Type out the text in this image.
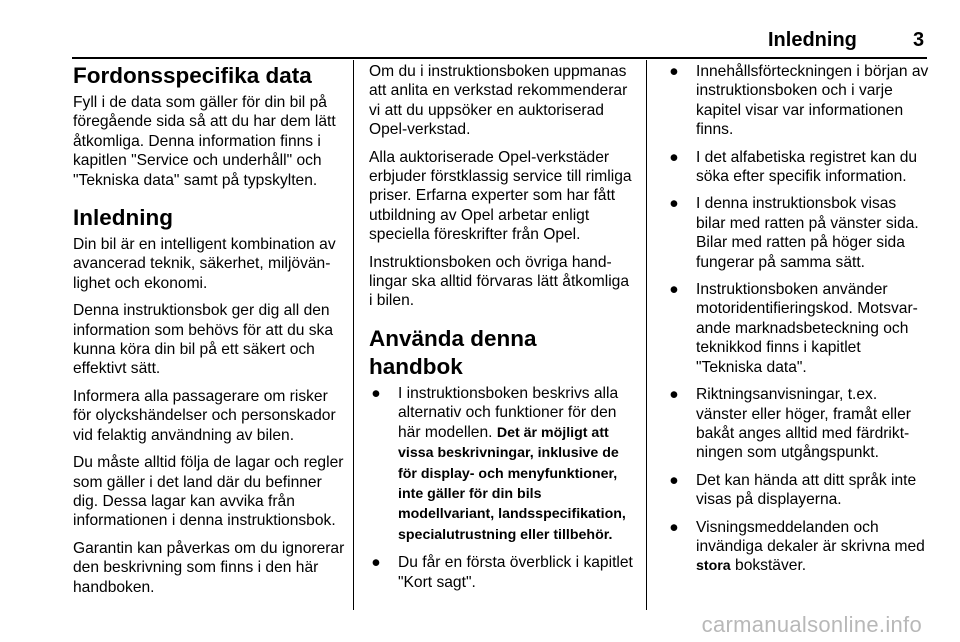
Inledning	3
Fordonsspecifika data

Fyll i de data som gäller för din bil på föregående sida så att du har dem lätt åtkomliga. Denna information finns i kapitlen "Service och underhåll" och "Tekniska data" samt på typskylten.

Inledning

Din bil är en intelligent kombination av avancerad teknik, säkerhet, miljövänlighet och ekonomi.

Denna instruktionsbok ger dig all den information som behövs för att du ska kunna köra din bil på ett säkert och effektivt sätt.

Informera alla passagerare om risker för olyckshändelser och personskador vid felaktig användning av bilen.

Du måste alltid följa de lagar och regler som gäller i det land där du befinner dig. Dessa lagar kan avvika från informationen i denna instruktionsbok.

Garantin kan påverkas om du ignorerar den beskrivning som finns i den här handboken.

Om du i instruktionsboken uppmanas att anlita en verkstad rekommenderar vi att du uppsöker en auktoriserad Opel-verkstad.

Alla auktoriserade Opel-verkstäder erbjuder förstklassig service till rimliga priser. Erfarna experter som har fått utbildning av Opel arbetar enligt speciella föreskrifter från Opel.

Instruktionsboken och övriga handlingar ska alltid förvaras lätt åtkomliga i bilen.

Använda denna handbok
● I instruktionsboken beskrivs alla alternativ och funktioner för den här modellen. Det är möjligt att vissa beskrivningar, inklusive de för display- och menyfunktioner, inte gäller för din bils modellvariant, landsspecifikation, specialutrustning eller tillbehör.
● Du får en första överblick i kapitlet "Kort sagt".
● Innehållsförteckningen i början av instruktionsboken och i varje kapitel visar var informationen finns.
● I det alfabetiska registret kan du söka efter specifik information.
● I denna instruktionsbok visas bilar med ratten på vänster sida. Bilar med ratten på höger sida fungerar på samma sätt.
● Instruktionsboken använder motoridentifieringskod. Motsvarande marknadsbeteckning och teknikkod finns i kapitlet "Tekniska data".
● Riktningsanvisningar, t.ex. vänster eller höger, framåt eller bakåt anges alltid med färdriktningen som utgångspunkt.
● Det kan hända att ditt språk inte visas på displayerna.
● Visningsmeddelanden och invändiga dekaler är skrivna med stora bokstäver.
carmanualsonline.info
